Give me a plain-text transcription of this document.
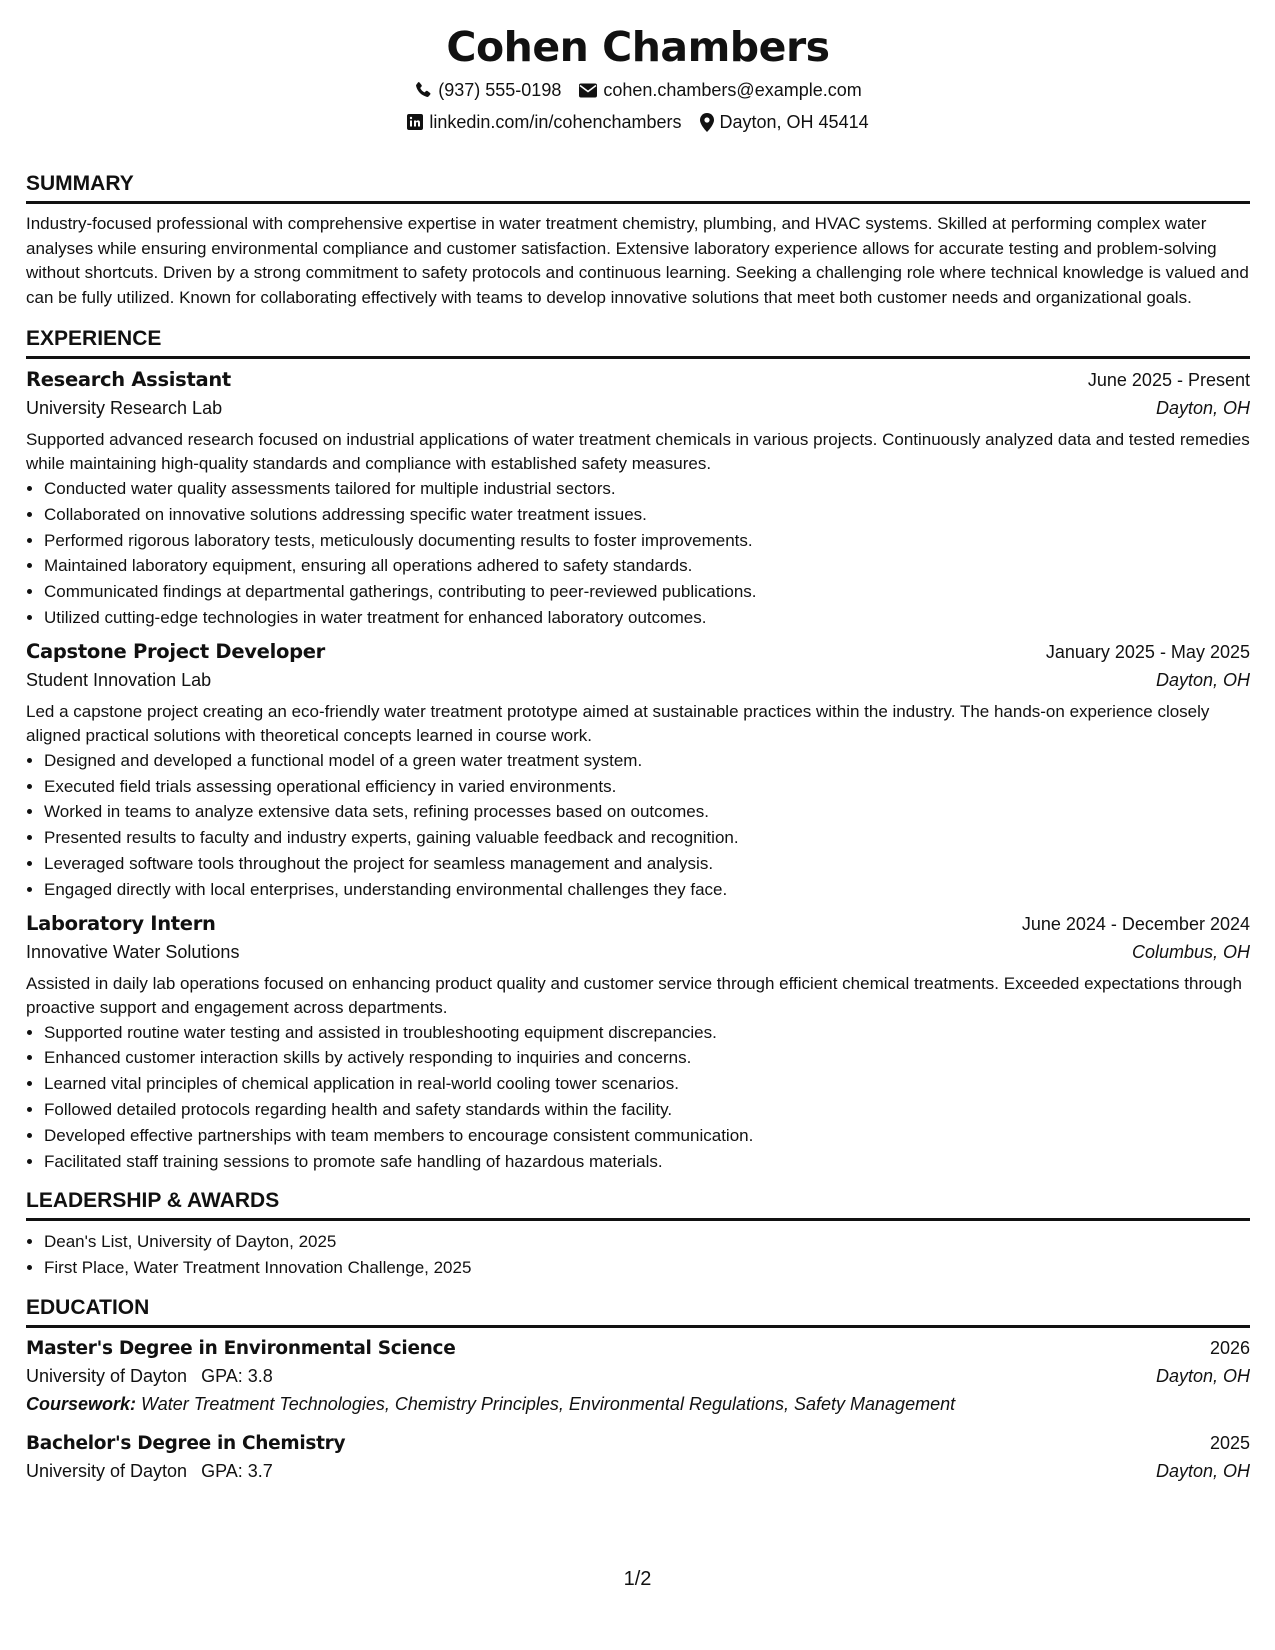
Cohen Chambers
(937) 555-0198 cohen.chambers@example.com
linkedin.com/in/cohenchambers Dayton, OH 45414
SUMMARY

Industry-focused professional with comprehensive expertise in water treatment chemistry, plumbing, and HVAC systems. Skilled at performing complex water analyses while ensuring environmental compliance and customer satisfaction. Extensive laboratory experience allows for accurate testing and problem-solving without shortcuts. Driven by a strong commitment to safety protocols and continuous learning. Seeking a challenging role where technical knowledge is valued and can be fully utilized. Known for collaborating effectively with teams to develop innovative solutions that meet both customer needs and organizational goals.

EXPERIENCE
Research Assistant	June 2025 - Present
University Research Lab	Dayton, OH

Supported advanced research focused on industrial applications of water treatment chemicals in various projects. Continuously analyzed data and tested remedies while maintaining high-quality standards and compliance with established safety measures.

• Conducted water quality assessments tailored for multiple industrial sectors.
• Collaborated on innovative solutions addressing specific water treatment issues.
• Performed rigorous laboratory tests, meticulously documenting results to foster improvements.
• Maintained laboratory equipment, ensuring all operations adhered to safety standards.
• Communicated findings at departmental gatherings, contributing to peer-reviewed publications.
• Utilized cutting-edge technologies in water treatment for enhanced laboratory outcomes.
Capstone Project Developer	January 2025 - May 2025
Student Innovation Lab	Dayton, OH

Led a capstone project creating an eco-friendly water treatment prototype aimed at sustainable practices within the industry. The hands-on experience closely aligned practical solutions with theoretical concepts learned in course work.

• Designed and developed a functional model of a green water treatment system.
• Executed field trials assessing operational efficiency in varied environments.
• Worked in teams to analyze extensive data sets, refining processes based on outcomes.
• Presented results to faculty and industry experts, gaining valuable feedback and recognition.
• Leveraged software tools throughout the project for seamless management and analysis.
• Engaged directly with local enterprises, understanding environmental challenges they face.
Laboratory Intern	June 2024 - December 2024
Innovative Water Solutions	Columbus, OH

Assisted in daily lab operations focused on enhancing product quality and customer service through efficient chemical treatments. Exceeded expectations through proactive support and engagement across departments.

• Supported routine water testing and assisted in troubleshooting equipment discrepancies.
• Enhanced customer interaction skills by actively responding to inquiries and concerns.
• Learned vital principles of chemical application in real-world cooling tower scenarios.
• Followed detailed protocols regarding health and safety standards within the facility.
• Developed effective partnerships with team members to encourage consistent communication.
• Facilitated staff training sessions to promote safe handling of hazardous materials.
LEADERSHIP & AWARDS
• Dean's List, University of Dayton, 2025
• First Place, Water Treatment Innovation Challenge, 2025
EDUCATION
Master's Degree in Environmental Science	2026
University of Dayton GPA: 3.8	Dayton, OH
Coursework: Water Treatment Technologies, Chemistry Principles, Environmental Regulations, Safety Management
Bachelor's Degree in Chemistry	2025
University of Dayton GPA: 3.7	Dayton, OH
1/2
